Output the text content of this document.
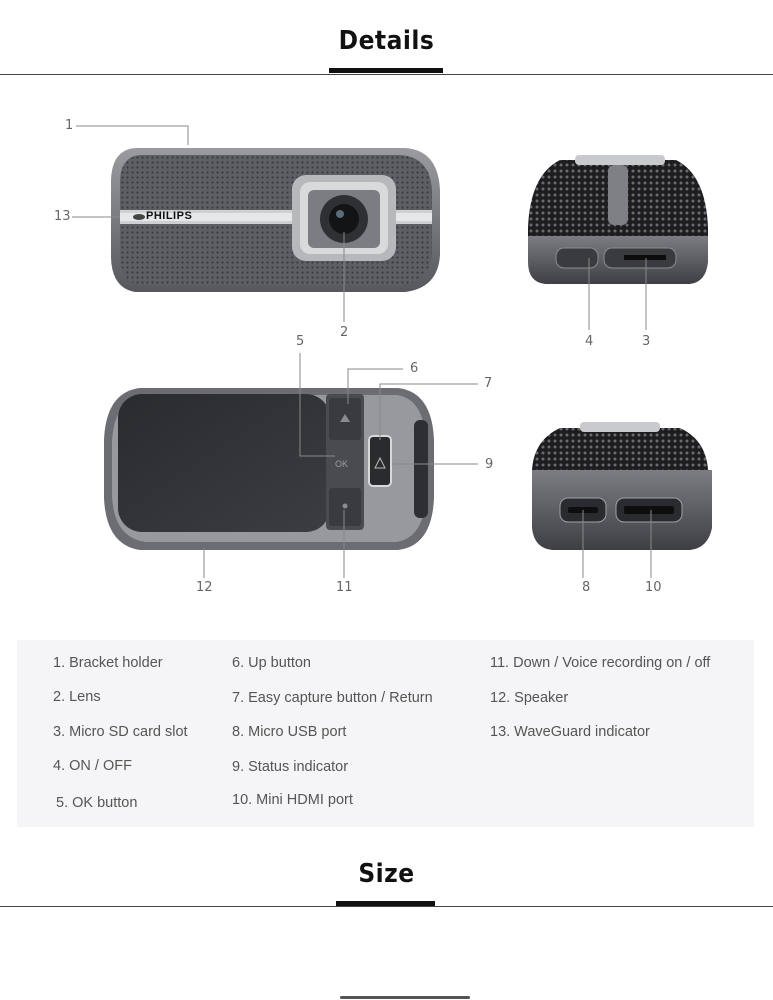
Details
Size
PHILIPS
OK
1
13
2
4	3
5
6
7
9
12	11	8	10
1. Bracket holder
2. Lens
3. Micro SD card slot
4. ON / OFF
5. OK button
6. Up button
7. Easy capture button / Return
8. Micro USB port
9. Status indicator
10. Mini HDMI port
11. Down / Voice recording on / off
12. Speaker
13. WaveGuard indicator
